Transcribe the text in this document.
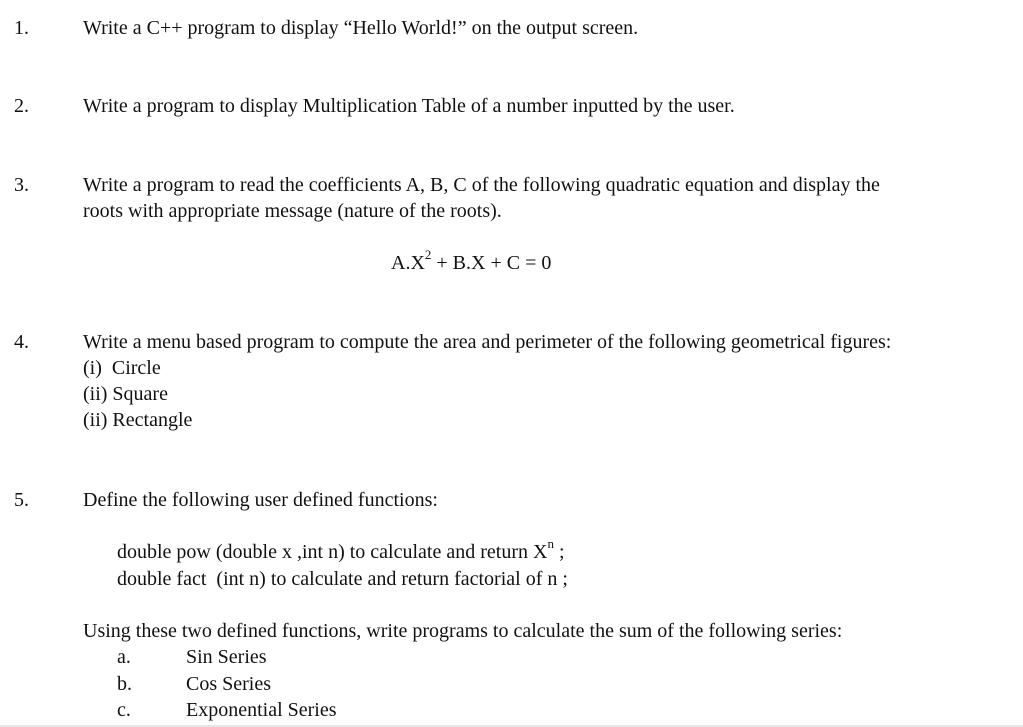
1.	Write a C++ program to display “Hello World!” on the output screen.
2.	Write a program to display Multiplication Table of a number inputted by the user.
3.	Write a program to read the coefficients A, B, C of the following quadratic equation and display the
roots with appropriate message (nature of the roots).
$A.X^2 + B.X + C = 0$
4.	Write a menu based program to compute the area and perimeter of the following geometrical figures:
(i)  Circle
(ii) Square
(ii) Rectangle
5.	Define the following user defined functions:
double pow (double x ,int n) to calculate and return $X^n$ ;
double fact  (int n) to calculate and return factorial of n ;
Using these two defined functions, write programs to calculate the sum of the following series:
a.	Sin Series
b.	Cos Series
c.	Exponential Series
